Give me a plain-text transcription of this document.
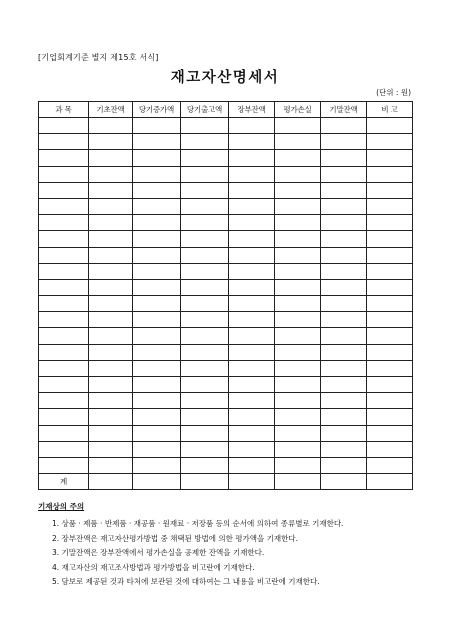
[기업회계기준 별지 제15호 서식]
재고자산명세서
(단위 : 원)
과 목	기초잔액	당기증가액	당기출고액	장부잔액	평가손실	기말잔액	비 고

계							
기재상의 주의
1. 상품 · 제품 · 반제품 · 재공품 · 원재료 · 저장품 등의 순서에 의하여 종류별로 기재한다.
2. 장부잔액은 재고자산평가방법 중 채택된 방법에 의한 평가액을 기재한다.
3. 기말잔액은 장부잔액에서 평가손실을 공제한 잔액을 기재한다.
4. 재고자산의 재고조사방법과 평가방법을 비고란에 기재한다.
5. 담보로 제공된 것과 타처에 보관된 것에 대하여는 그 내용을 비고란에 기재한다.
